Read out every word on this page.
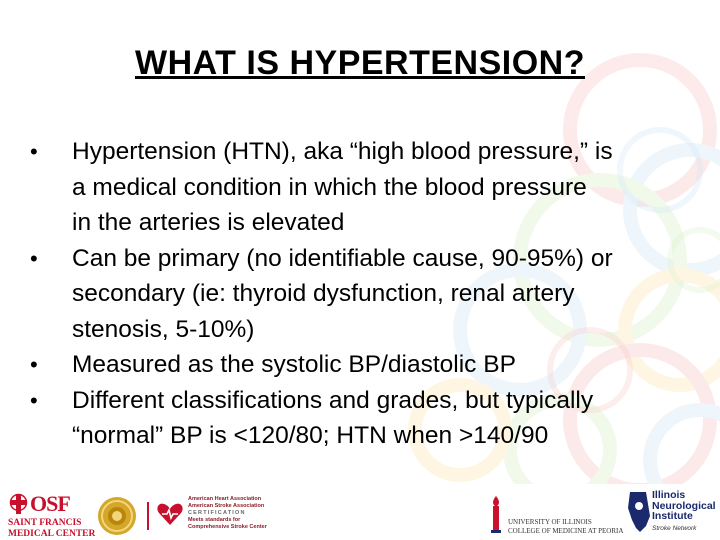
WHAT IS HYPERTENSION?
• Hypertension (HTN), aka “high blood pressure,” is
a medical condition in which the blood pressure
in the arteries is elevated
• Can be primary (no identifiable cause, 90-95%) or
secondary (ie: thyroid dysfunction, renal artery
stenosis, 5-10%)
• Measured as the systolic BP/diastolic BP
• Different classifications and grades, but typically
“normal” BP is <120/80; HTN when >140/90
OSF
SAINT FRANCIS
MEDICAL CENTER
American Heart Association
American Stroke Association
CERTIFICATION
Meets standards for
Comprehensive Stroke Center
UNIVERSITY OF ILLINOIS
COLLEGE OF MEDICINE AT PEORIA
Illinois
Neurological
Institute
Stroke Network
